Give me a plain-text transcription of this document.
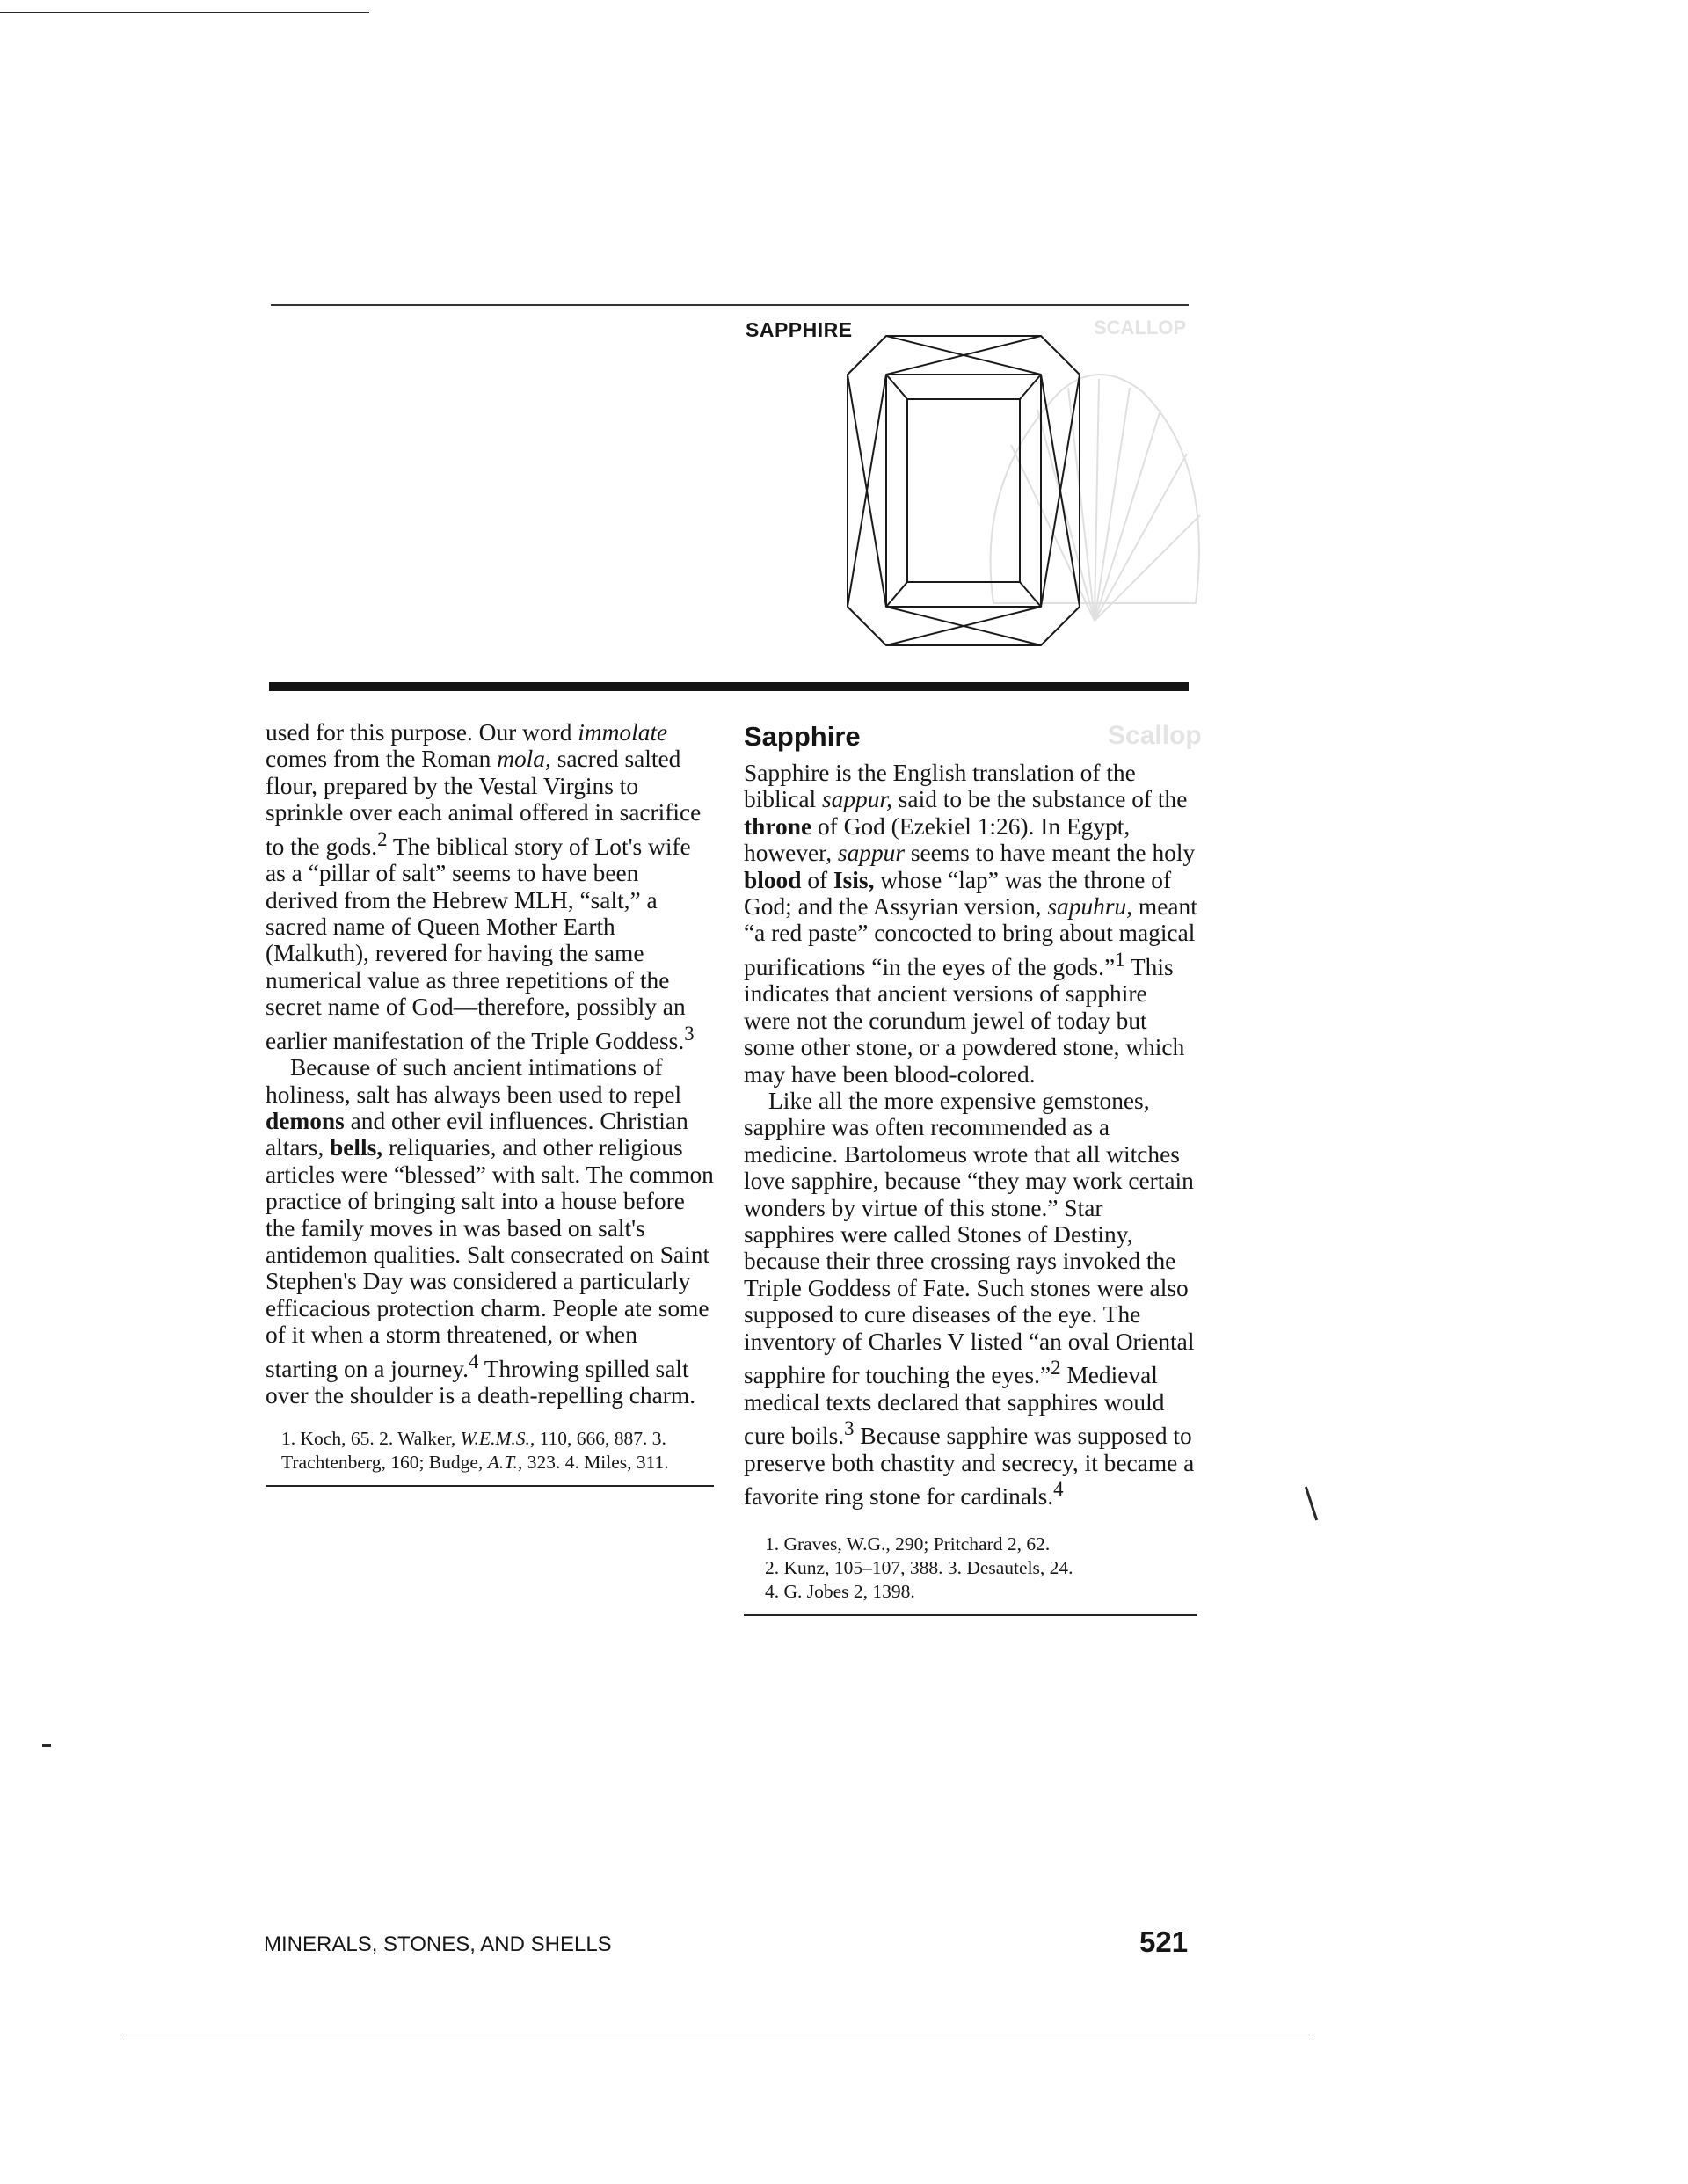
SCALLOP
Scallop
SAPPHIRE

used for this purpose. Our word immolate comes from the Roman mola, sacred salted flour, prepared by the Vestal Virgins to sprinkle over each animal offered in sacrifice to the gods.$^2$ The biblical story of Lot's wife as a “pillar of salt” seems to have been derived from the Hebrew MLH, “salt,” a sacred name of Queen Mother Earth (Malkuth), revered for having the same numerical value as three repetitions of the secret name of God—therefore, possibly an earlier manifestation of the Triple Goddess.$^3$

Because of such ancient intimations of holiness, salt has always been used to repel demons and other evil influences. Christian altars, bells, reliquaries, and other religious articles were “blessed” with salt. The common practice of bringing salt into a house before the family moves in was based on salt's antidemon qualities. Salt consecrated on Saint Stephen's Day was considered a particularly efficacious protection charm. People ate some of it when a storm threatened, or when starting on a journey.$^4$ Throwing spilled salt over the shoulder is a death-repelling charm.

1. Koch, 65. 2. Walker, W.E.M.S., 110, 666, 887. 3. Trachtenberg, 160; Budge, A.T., 323. 4. Miles, 311.

Sapphire

Sapphire is the English translation of the biblical sappur, said to be the substance of the throne of God (Ezekiel 1:26). In Egypt, however, sappur seems to have meant the holy blood of Isis, whose “lap” was the throne of God; and the Assyrian version, sapuhru, meant “a red paste” concocted to bring about magical purifications “in the eyes of the gods.”$^1$ This indicates that ancient versions of sapphire were not the corundum jewel of today but some other stone, or a powdered stone, which may have been blood-colored.

Like all the more expensive gemstones, sapphire was often recommended as a medicine. Bartolomeus wrote that all witches love sapphire, because “they may work certain wonders by virtue of this stone.” Star sapphires were called Stones of Destiny, because their three crossing rays invoked the Triple Goddess of Fate. Such stones were also supposed to cure diseases of the eye. The inventory of Charles V listed “an oval Oriental sapphire for touching the eyes.”$^2$ Medieval medical texts declared that sapphires would cure boils.$^3$ Because sapphire was supposed to preserve both chastity and secrecy, it became a favorite ring stone for cardinals.$^4$

1. Graves, W.G., 290; Pritchard 2, 62.

2. Kunz, 105–107, 388. 3. Desautels, 24.

4. G. Jobes 2, 1398.

MINERALS, STONES, AND SHELLS	521
